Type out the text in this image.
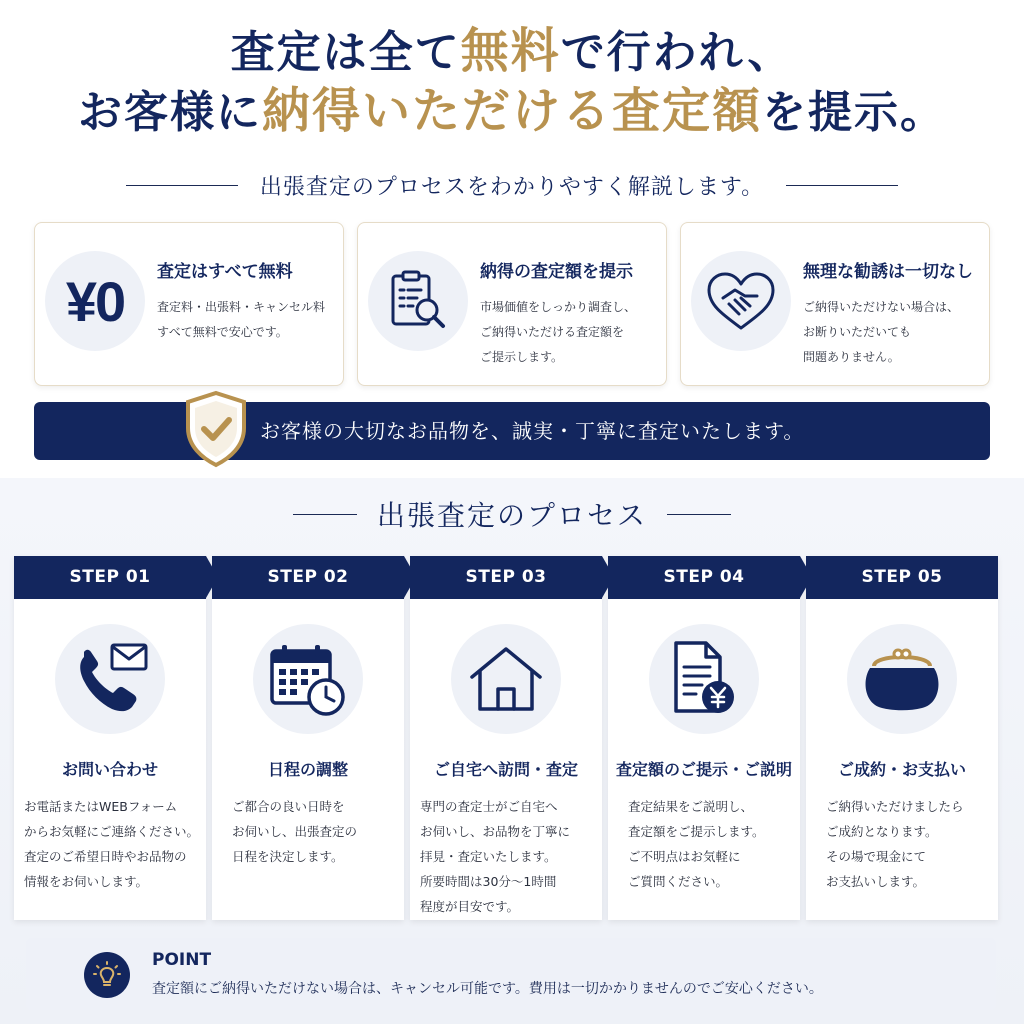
査定は全て無料で行われ、
お客様に納得いただける査定額を提示。
出張査定のプロセスをわかりやすく解説します。
¥0 査定はすべて無料
査定料・出張料・キャンセル料
すべて無料で安心です。
納得の査定額を提示
市場価値をしっかり調査し、
ご納得いただける査定額を
ご提示します。
無理な勧誘は一切なし
ご納得いただけない場合は、
お断りいただいても
問題ありません。
お客様の大切なお品物を、誠実・丁寧に査定いたします。
出張査定のプロセス
STEP 01
お問い合わせ
お電話またはWEBフォーム
からお気軽にご連絡ください。
査定のご希望日時やお品物の
情報をお伺いします。
STEP 02
日程の調整
ご都合の良い日時を
お伺いし、出張査定の
日程を決定します。
STEP 03
ご自宅へ訪問・査定
専門の査定士がご自宅へ
お伺いし、お品物を丁寧に
拝見・査定いたします。
所要時間は30分〜1時間
程度が目安です。
STEP 04
査定額のご提示・ご説明
査定結果をご説明し、
査定額をご提示します。
ご不明点はお気軽に
ご質問ください。
STEP 05
ご成約・お支払い
ご納得いただけましたら
ご成約となります。
その場で現金にて
お支払いします。
POINT
査定額にご納得いただけない場合は、キャンセル可能です。費用は一切かかりませんのでご安心ください。
